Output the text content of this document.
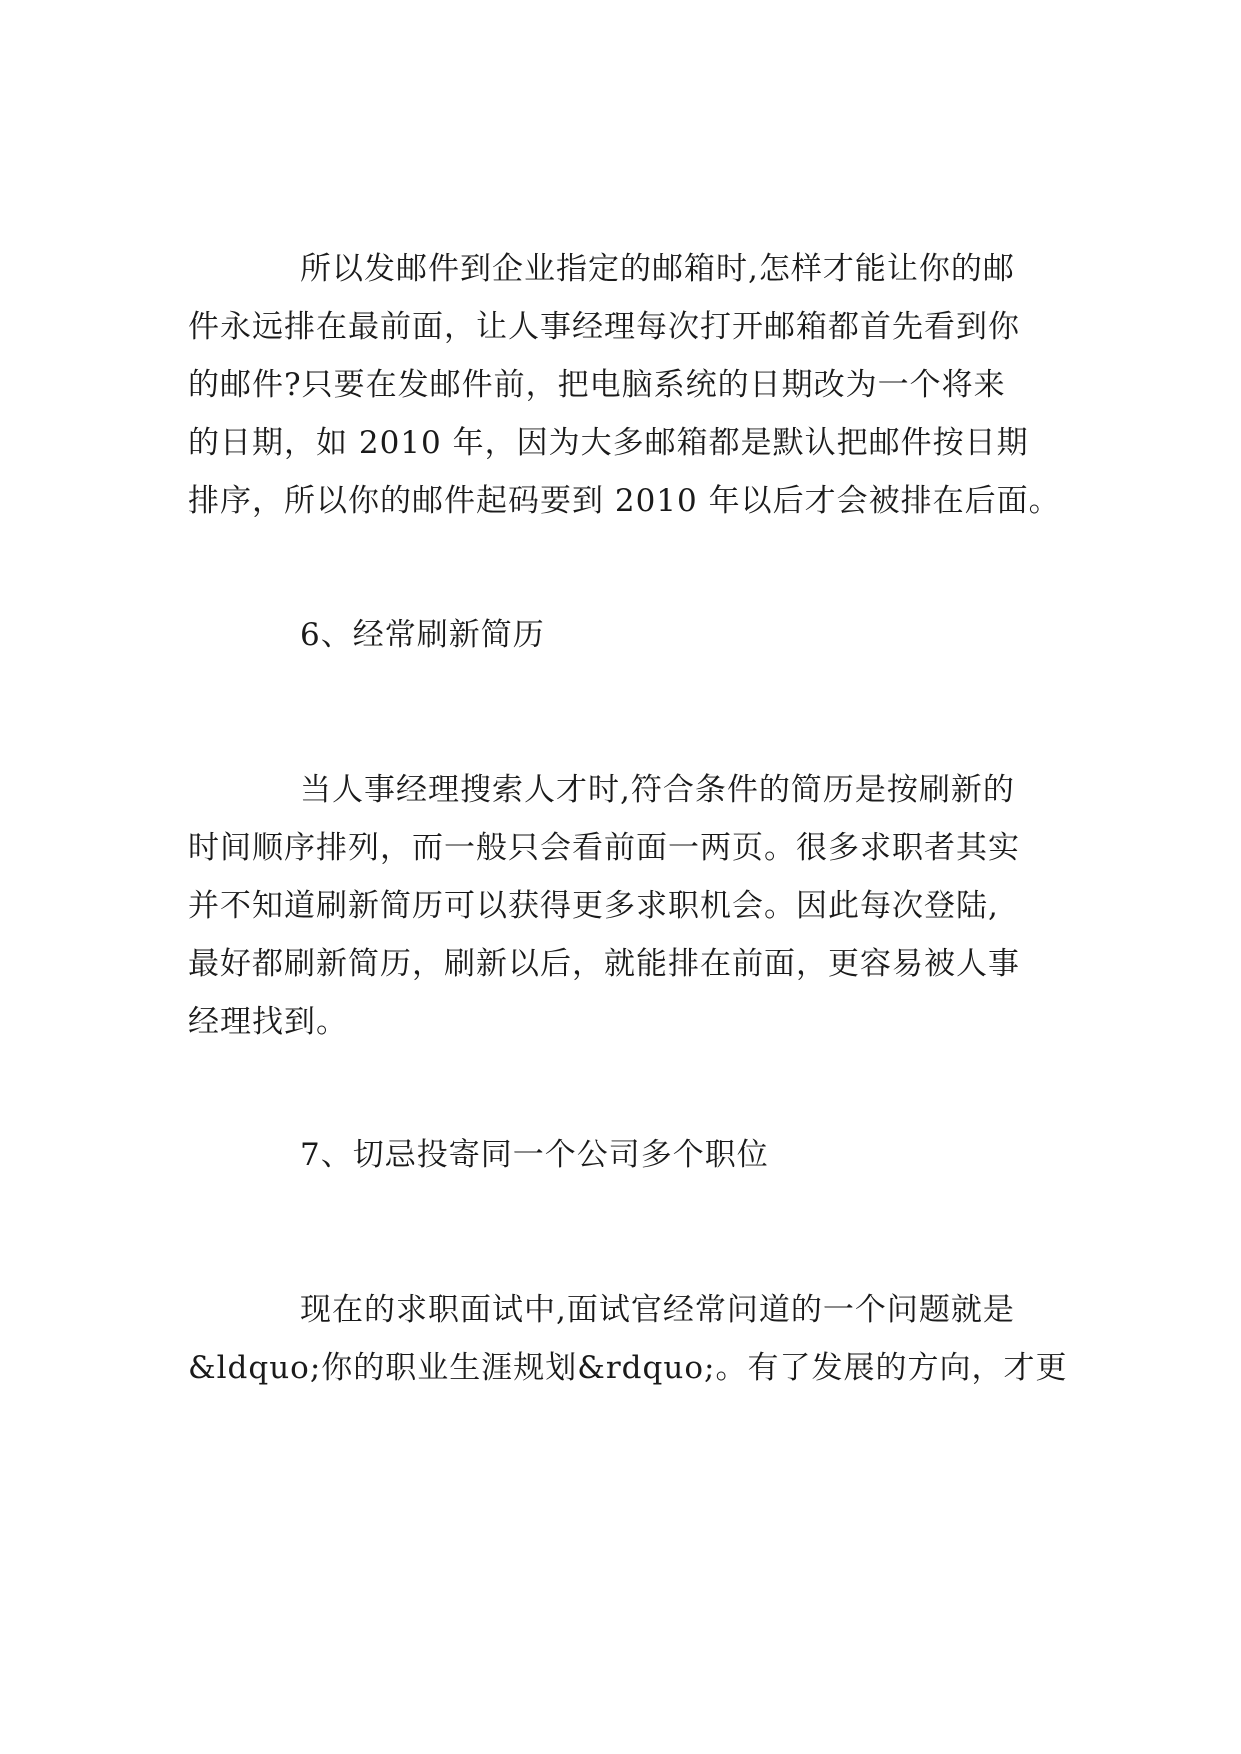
所以发邮件到企业指定的邮箱时,怎样才能让你的邮
件永远排在最前面，让人事经理每次打开邮箱都首先看到你
的邮件?只要在发邮件前，把电脑系统的日期改为一个将来
的日期，如 2010 年，因为大多邮箱都是默认把邮件按日期
排序，所以你的邮件起码要到 2010 年以后才会被排在后面。
6、经常刷新简历
当人事经理搜索人才时,符合条件的简历是按刷新的
时间顺序排列，而一般只会看前面一两页。很多求职者其实
并不知道刷新简历可以获得更多求职机会。因此每次登陆,
最好都刷新简历，刷新以后，就能排在前面，更容易被人事
经理找到。
7、切忌投寄同一个公司多个职位
现在的求职面试中,面试官经常问道的一个问题就是
&ldquo;你的职业生涯规划&rdquo;。有了发展的方向，才更
